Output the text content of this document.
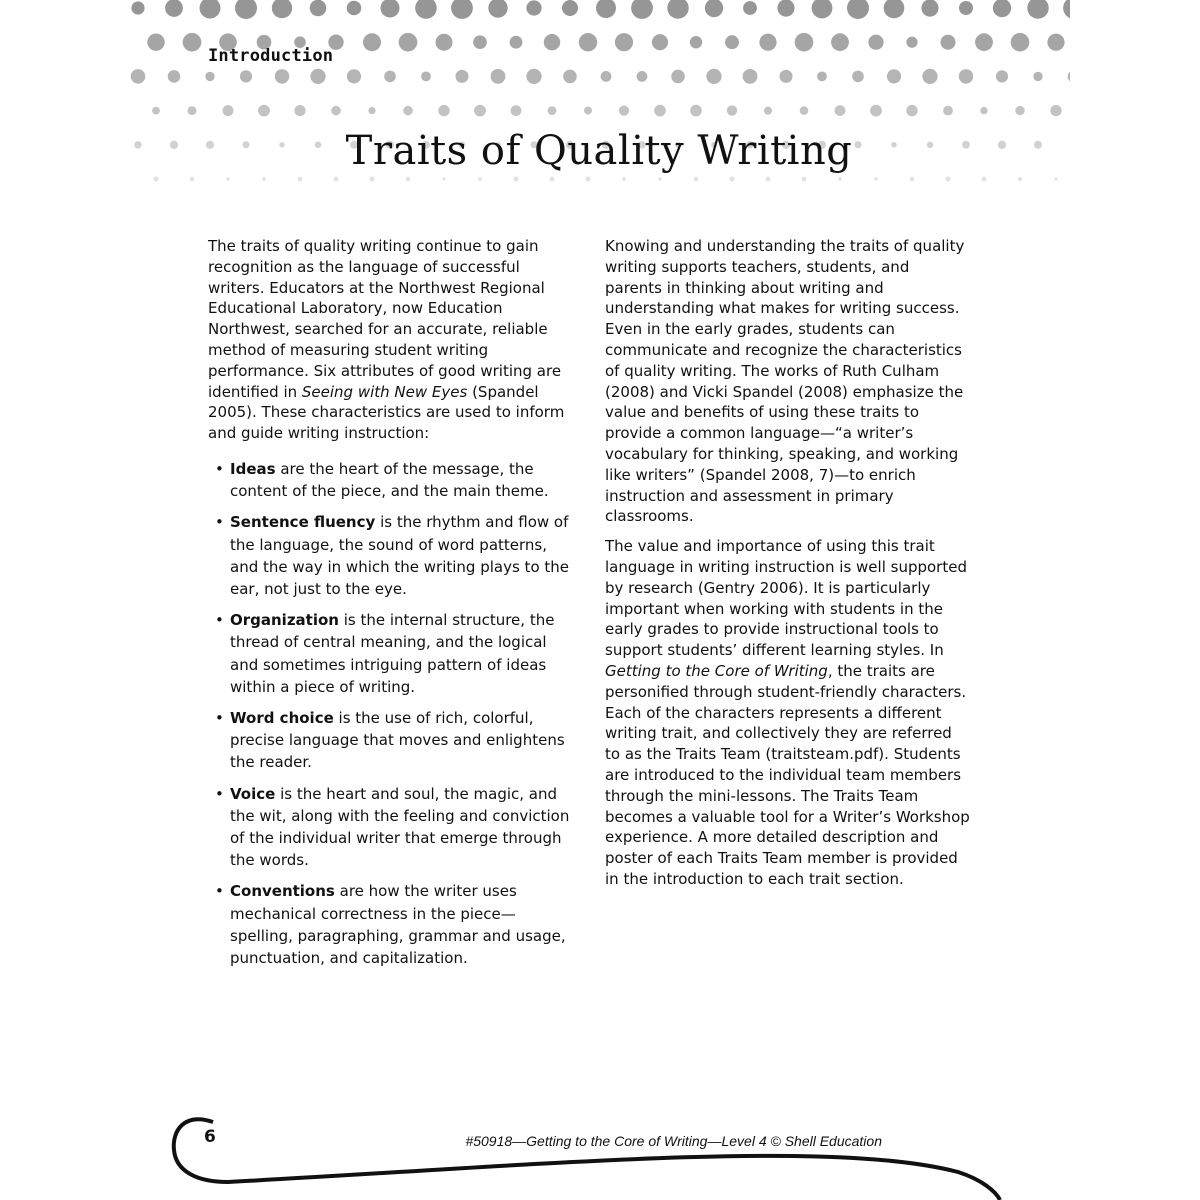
Introduction
Traits of Quality Writing

The traits of quality writing continue to gain recognition as the language of successful writers. Educators at the Northwest Regional Educational Laboratory, now Education Northwest, searched for an accurate, reliable method of measuring student writing performance. Six attributes of good writing are identified in Seeing with New Eyes (Spandel 2005). These characteristics are used to inform and guide writing instruction:

• Ideas are the heart of the message, the content of the piece, and the main theme.
• Sentence fluency is the rhythm and flow of the language, the sound of word patterns, and the way in which the writing plays to the ear, not just to the eye.
• Organization is the internal structure, the thread of central meaning, and the logical and sometimes intriguing pattern of ideas within a piece of writing.
• Word choice is the use of rich, colorful, precise language that moves and enlightens the reader.
• Voice is the heart and soul, the magic, and the wit, along with the feeling and conviction of the individual writer that emerge through the words.
• Conventions are how the writer uses mechanical correctness in the piece—spelling, paragraphing, grammar and usage, punctuation, and capitalization.

Knowing and understanding the traits of quality writing supports teachers, students, and parents in thinking about writing and understanding what makes for writing success. Even in the early grades, students can communicate and recognize the characteristics of quality writing. The works of Ruth Culham (2008) and Vicki Spandel (2008) emphasize the value and benefits of using these traits to provide a common language—“a writer’s vocabulary for thinking, speaking, and working like writers” (Spandel 2008, 7)—to enrich instruction and assessment in primary classrooms.

The value and importance of using this trait language in writing instruction is well supported by research (Gentry 2006). It is particularly important when working with students in the early grades to provide instructional tools to support students’ different learning styles. In Getting to the Core of Writing, the traits are personified through student-friendly characters. Each of the characters represents a different writing trait, and collectively they are referred to as the Traits Team (traitsteam.pdf). Students are introduced to the individual team members through the mini-lessons. The Traits Team becomes a valuable tool for a Writer’s Workshop experience. A more detailed description and poster of each Traits Team member is provided in the introduction to each trait section.

6	#50918—Getting to the Core of Writing—Level 4 © Shell Education
